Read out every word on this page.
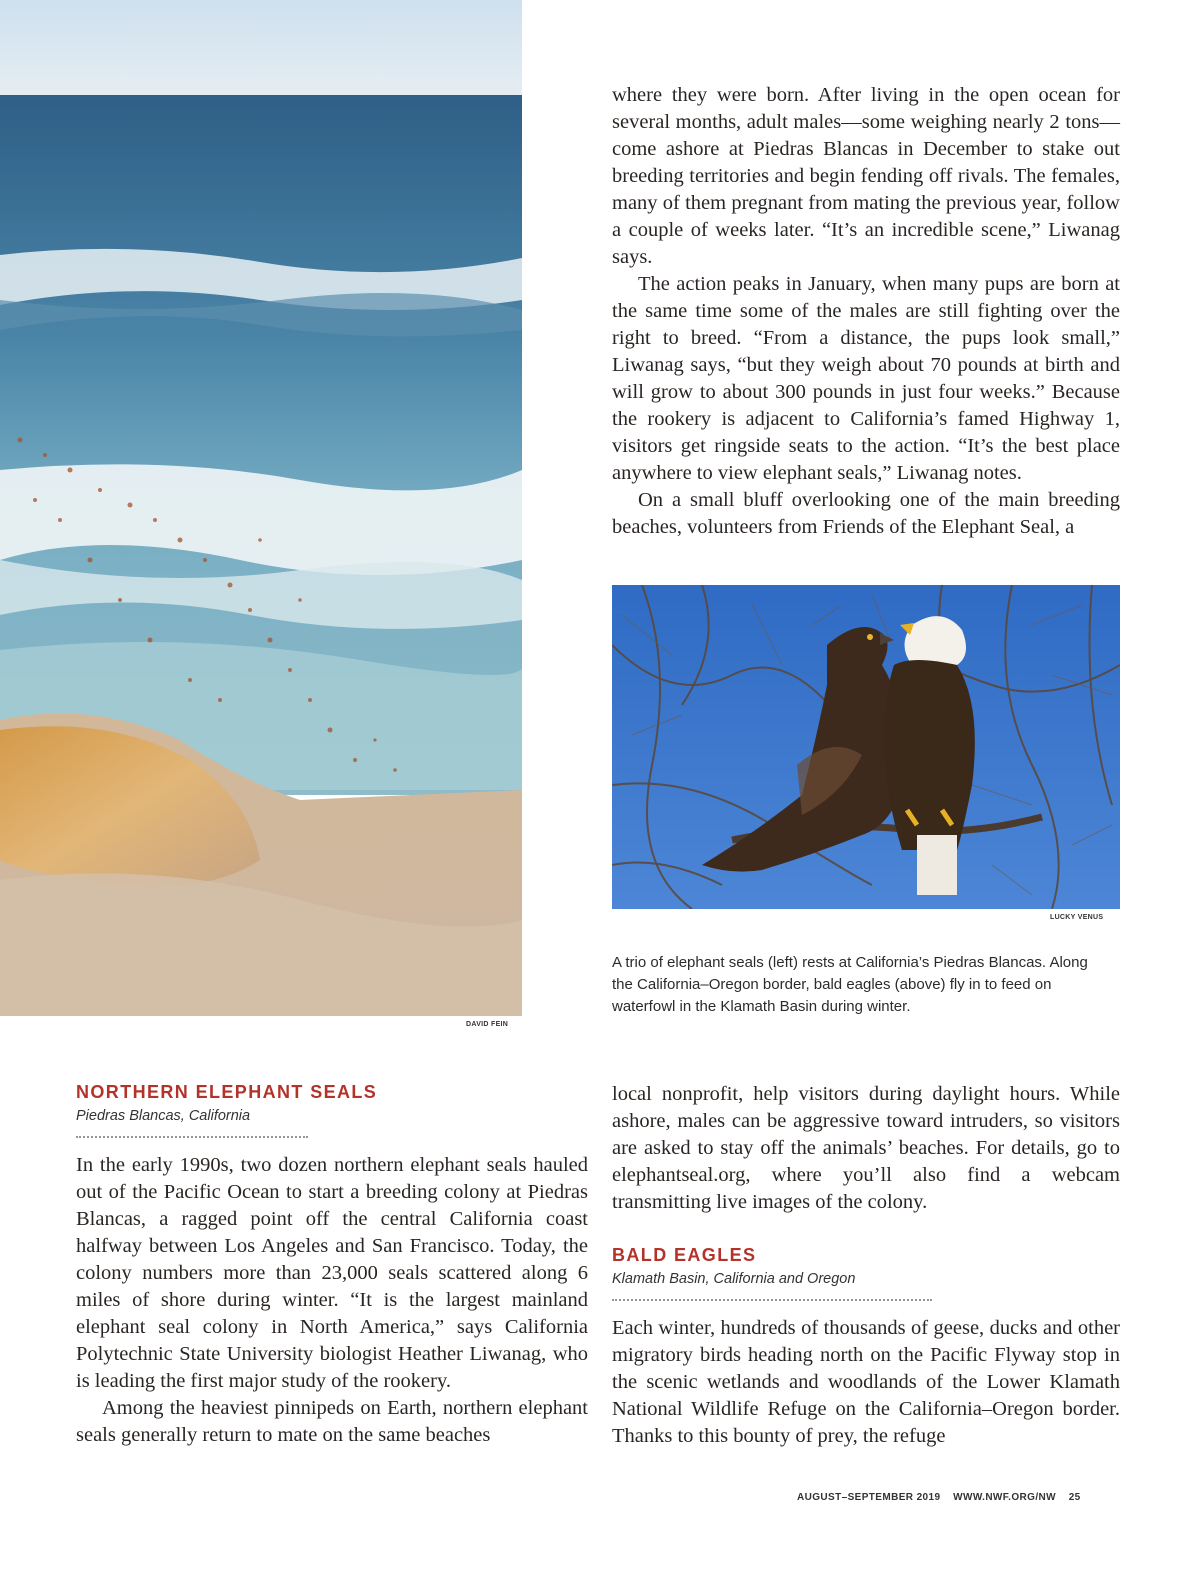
DAVID FEIN

where they were born. After living in the open ocean for several months, adult males—some weighing nearly 2 tons—come ashore at Piedras Blancas in December to stake out breeding territories and begin fending off rivals. The females, many of them pregnant from mating the previous year, follow a couple of weeks later. “It’s an incredible scene,” Liwanag says.

The action peaks in January, when many pups are born at the same time some of the males are still fighting over the right to breed. “From a distance, the pups look small,” Liwanag says, “but they weigh about 70 pounds at birth and will grow to about 300 pounds in just four weeks.” Because the rookery is adjacent to California’s famed Highway 1, visitors get ringside seats to the action. “It’s the best place anywhere to view elephant seals,” Liwanag notes.

On a small bluff overlooking one of the main breeding beaches, volunteers from Friends of the Elephant Seal, a

LUCKY VENUS
A trio of elephant seals (left) rests at California’s Piedras Blancas. Along the California–Oregon border, bald eagles (above) fly in to feed on waterfowl in the Klamath Basin during winter.
NORTHERN ELEPHANT SEALS
Piedras Blancas, California

In the early 1990s, two dozen northern elephant seals hauled out of the Pacific Ocean to start a breeding colony at Piedras Blancas, a ragged point off the central California coast halfway between Los Angeles and San Francisco. Today, the colony numbers more than 23,000 seals scattered along 6 miles of shore during winter. “It is the largest mainland elephant seal colony in North America,” says California Polytechnic State University biologist Heather Liwanag, who is leading the first major study of the rookery.

Among the heaviest pinnipeds on Earth, northern elephant seals generally return to mate on the same beaches

local nonprofit, help visitors during daylight hours. While ashore, males can be aggressive toward intruders, so visitors are asked to stay off the animals’ beaches. For details, go to elephantseal.org, where you’ll also find a webcam transmitting live images of the colony.

BALD EAGLES
Klamath Basin, California and Oregon

Each winter, hundreds of thousands of geese, ducks and other migratory birds heading north on the Pacific Flyway stop in the scenic wetlands and woodlands of the Lower Klamath National Wildlife Refuge on the California–Oregon border. Thanks to this bounty of prey, the refuge

AUGUST–SEPTEMBER 2019 WWW.NWF.ORG/NW 25
